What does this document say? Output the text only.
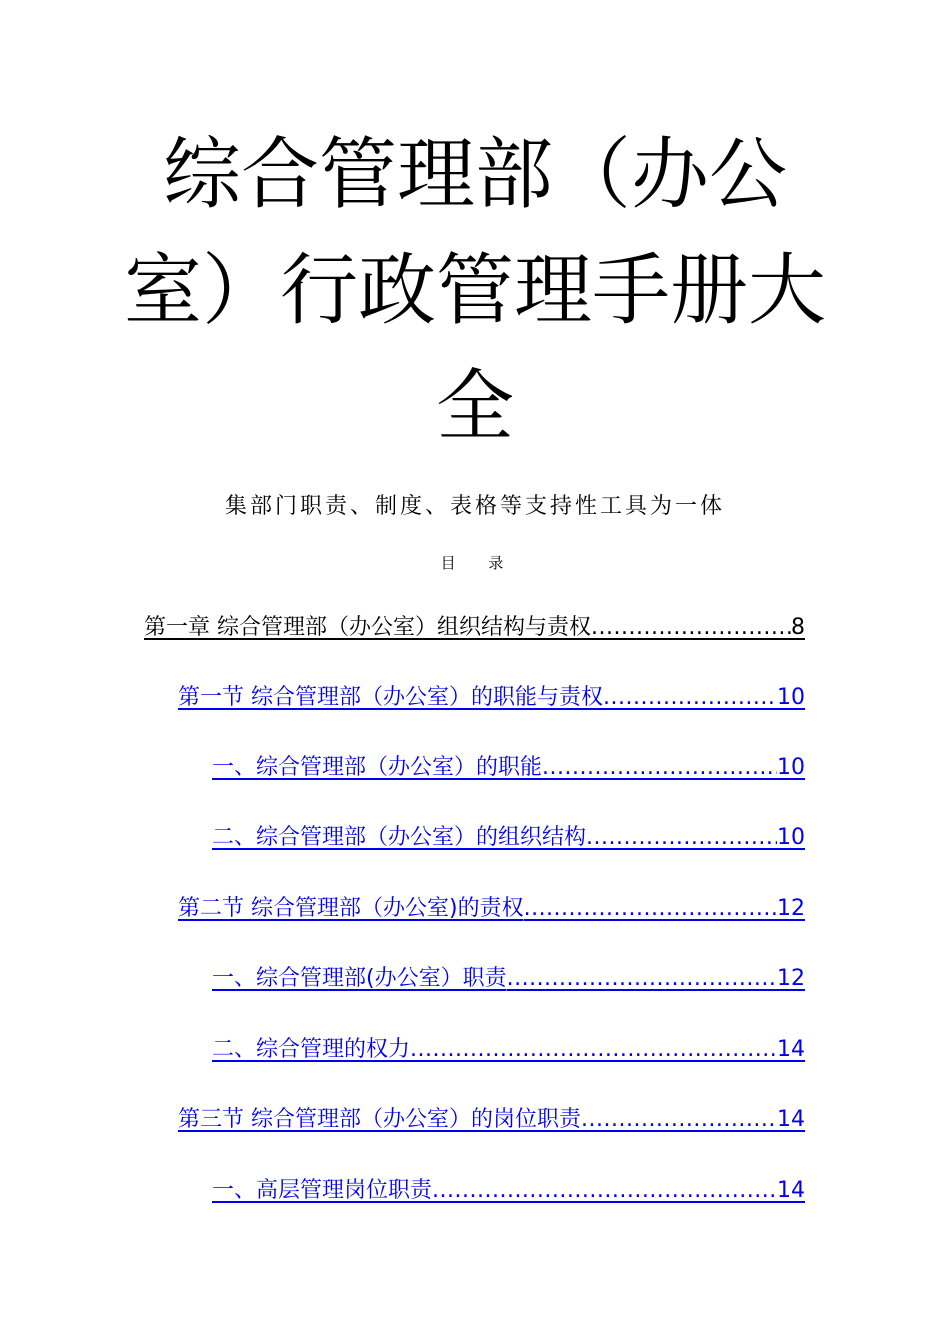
综合管理部（办公
室）行政管理手册大
全
集部门职责、制度、表格等支持性工具为一体
目 录
第一章 综合管理部（办公室）组织结构与责权 .....	8
第一节 综合管理部（办公室）的职能与责权 .....	10
一、综合管理部（办公室）的职能 .....	10
二、综合管理部（办公室）的组织结构 .....	10
第二节 综合管理部（办公室)的责权 .....	12
一、综合管理部(办公室）职责 .....	12
二、综合管理的权力 .....	14
第三节 综合管理部（办公室）的岗位职责 .....	14
一、高层管理岗位职责 .....	14
